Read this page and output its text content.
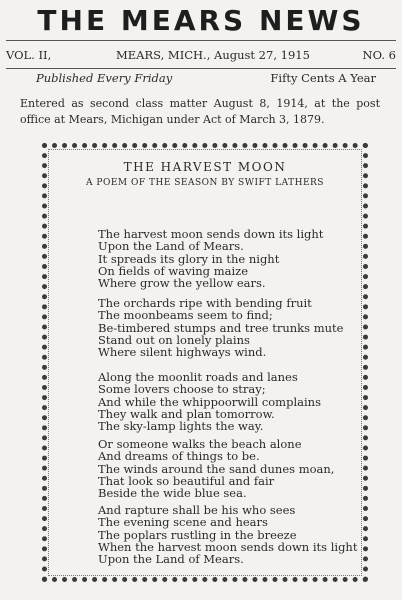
THE MEARS NEWS
VOL. II,	MEARS, MICH., August 27, 1915	NO. 6
Published Every Friday	Fifty Cents A Year
Entered as second class matter August 8, 1914, at the post
office at Mears, Michigan under Act of March 3, 1879.
THE HARVEST MOON
A POEM OF THE SEASON BY SWIFT LATHERS
The harvest moon sends down its light
Upon the Land of Mears.
It spreads its glory in the night
On fields of waving maize
Where grow the yellow ears.
The orchards ripe with bending fruit
The moonbeams seem to find;
Be-timbered stumps and tree trunks mute
Stand out on lonely plains
Where silent highways wind.
Along the moonlit roads and lanes
Some lovers choose to stray;
And while the whippoorwill complains
They walk and plan tomorrow.
The sky-lamp lights the way.
Or someone walks the beach alone
And dreams of things to be.
The winds around the sand dunes moan,
That look so beautiful and fair
Beside the wide blue sea.
And rapture shall be his who sees
The evening scene and hears
The poplars rustling in the breeze
When the harvest moon sends down its light
Upon the Land of Mears.
